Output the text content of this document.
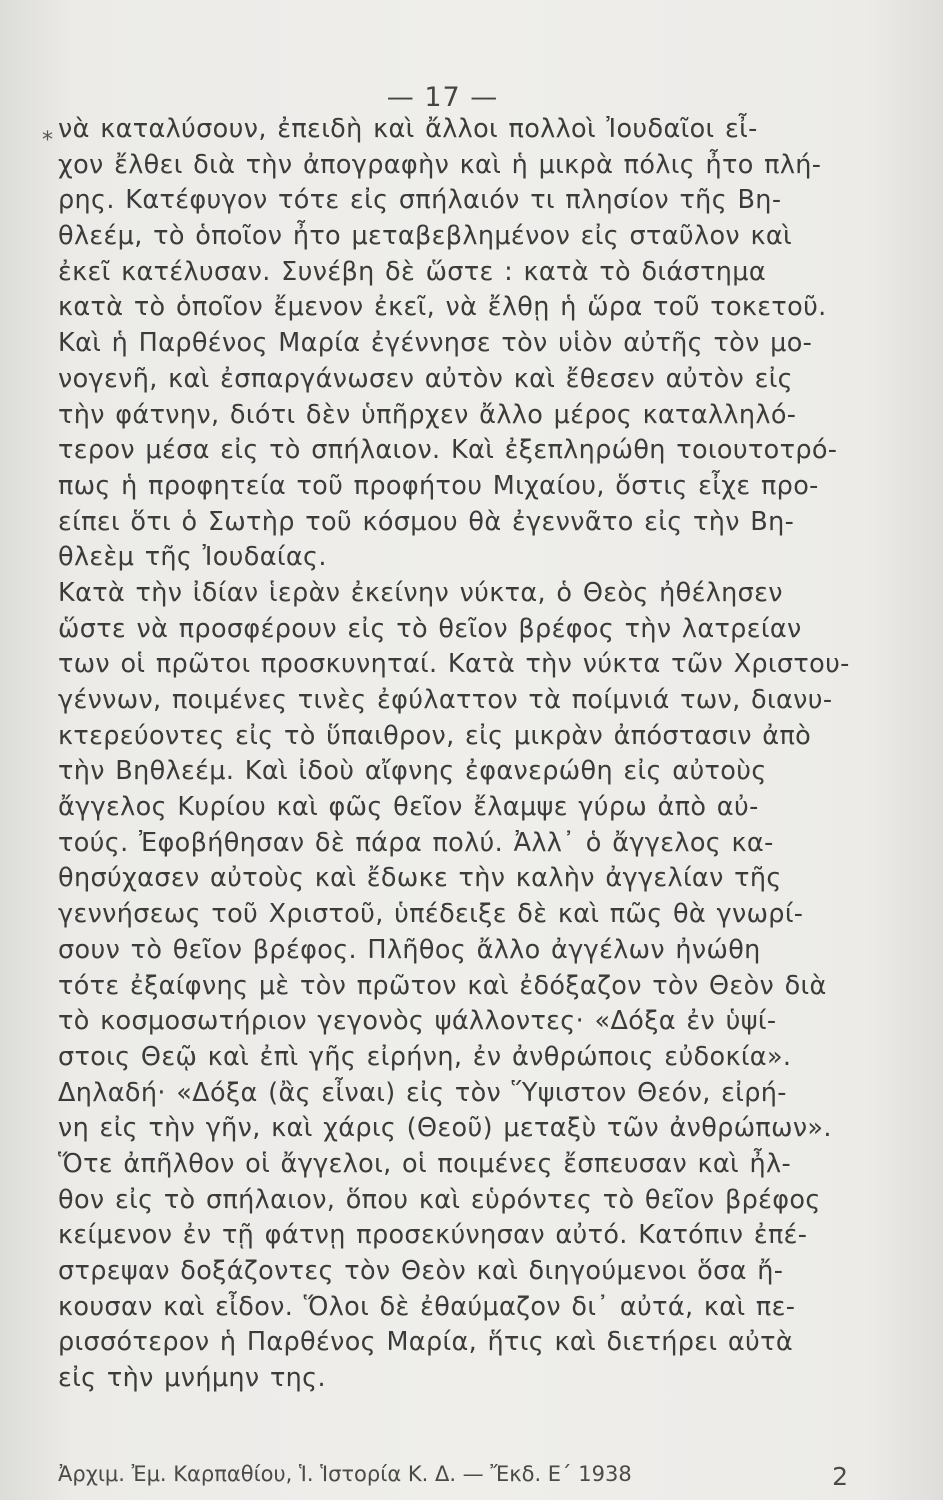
— 17 —
* νὰ καταλύσουν, ἐπειδὴ καὶ ἄλλοι πολλοὶ Ἰουδαῖοι εἶ-
χον ἔλθει διὰ τὴν ἀπογραφὴν καὶ ἡ μικρὰ πόλις ἦτο πλή-
ρης. Κατέφυγον τότε εἰς σπήλαιόν τι πλησίον τῆς Βη-
θλεέμ, τὸ ὁποῖον ἦτο μεταβεβλημένον εἰς σταῦλον καὶ
ἐκεῖ κατέλυσαν. Συνέβη δὲ ὥστε : κατὰ τὸ διάστημα
κατὰ τὸ ὁποῖον ἔμενον ἐκεῖ, νὰ ἔλθῃ ἡ ὥρα τοῦ τοκετοῦ.
Καὶ ἡ Παρθένος Μαρία ἐγέννησε τὸν υἱὸν αὐτῆς τὸν μο-
νογενῆ, καὶ ἐσπαργάνωσεν αὐτὸν καὶ ἔθεσεν αὐτὸν εἰς
τὴν φάτνην, διότι δὲν ὑπῆρχεν ἄλλο μέρος καταλληλό-
τερον μέσα εἰς τὸ σπήλαιον. Καὶ ἐξεπληρώθη τοιουτοτρό-
πως ἡ προφητεία τοῦ προφήτου Μιχαίου, ὅστις εἶχε προ-
είπει ὅτι ὁ Σωτὴρ τοῦ κόσμου θὰ ἐγεννᾶτο εἰς τὴν Βη-
θλεὲμ τῆς Ἰουδαίας.
Κατὰ τὴν ἰδίαν ἱερὰν ἐκείνην νύκτα, ὁ Θεὸς ἠθέλησεν
ὥστε νὰ προσφέρουν εἰς τὸ θεῖον βρέφος τὴν λατρείαν
των οἱ πρῶτοι προσκυνηταί. Κατὰ τὴν νύκτα τῶν Χριστου-
γέννων, ποιμένες τινὲς ἐφύλαττον τὰ ποίμνιά των, διανυ-
κτερεύοντες εἰς τὸ ὕπαιθρον, εἰς μικρὰν ἀπόστασιν ἀπὸ
τὴν Βηθλεέμ. Καὶ ἰδοὺ αἴφνης ἐφανερώθη εἰς αὐτοὺς
ἄγγελος Κυρίου καὶ φῶς θεῖον ἔλαμψε γύρω ἀπὸ αὐ-
τούς. Ἐφοβήθησαν δὲ πάρα πολύ. Ἀλλ᾽ ὁ ἄγγελος κα-
θησύχασεν αὐτοὺς καὶ ἔδωκε τὴν καλὴν ἀγγελίαν τῆς
γεννήσεως τοῦ Χριστοῦ, ὑπέδειξε δὲ καὶ πῶς θὰ γνωρί-
σουν τὸ θεῖον βρέφος. Πλῆθος ἄλλο ἀγγέλων ἠνώθη
τότε ἐξαίφνης μὲ τὸν πρῶτον καὶ ἐδόξαζον τὸν Θεὸν διὰ
τὸ κοσμοσωτήριον γεγονὸς ψάλλοντες· «Δόξα ἐν ὑψί-
στοις Θεῷ καὶ ἐπὶ γῆς εἰρήνη, ἐν ἀνθρώποις εὐδοκία».
Δηλαδή· «Δόξα (ἂς εἶναι) εἰς τὸν Ὕψιστον Θεόν, εἰρή-
νη εἰς τὴν γῆν, καὶ χάρις (Θεοῦ) μεταξὺ τῶν ἀνθρώπων».
Ὅτε ἀπῆλθον οἱ ἄγγελοι, οἱ ποιμένες ἔσπευσαν καὶ ἦλ-
θον εἰς τὸ σπήλαιον, ὅπου καὶ εὑρόντες τὸ θεῖον βρέφος
κείμενον ἐν τῇ φάτνῃ προσεκύνησαν αὐτό. Κατόπιν ἐπέ-
στρεψαν δοξάζοντες τὸν Θεὸν καὶ διηγούμενοι ὅσα ἤ-
κουσαν καὶ εἶδον. Ὅλοι δὲ ἐθαύμαζον δι᾽ αὐτά, καὶ πε-
ρισσότερον ἡ Παρθένος Μαρία, ἥτις καὶ διετήρει αὐτὰ
εἰς τὴν μνήμην της.
Ἀρχιμ. Ἐμ. Καρπαθίου, Ἱ. Ἱστορία Κ. Δ. — Ἔκδ. Ε´ 1938	2
